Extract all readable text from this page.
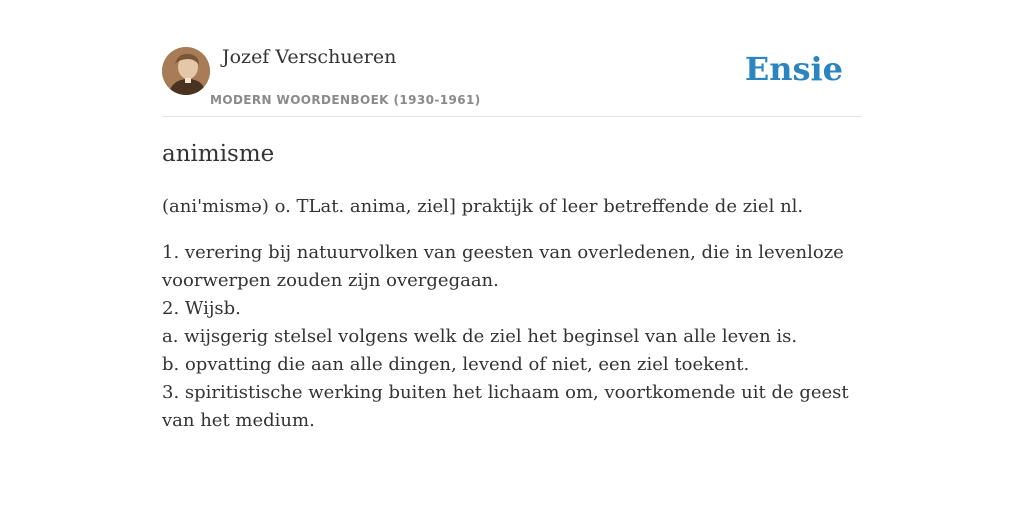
Jozef Verschueren
MODERN WOORDENBOEK (1930-1961)
Ensie
animisme

(ani'mismə) o. TLat. anima, ziel] praktijk of leer betreffende de ziel nl.

1. verering bij natuurvolken van geesten van overledenen, die in levenloze voorwerpen zouden zijn overgegaan.
2. Wijsb.
a. wijsgerig stelsel volgens welk de ziel het beginsel van alle leven is.
b. opvatting die aan alle dingen, levend of niet, een ziel toekent.
3. spiritistische werking buiten het lichaam om, voortkomende uit de geest van het medium.
